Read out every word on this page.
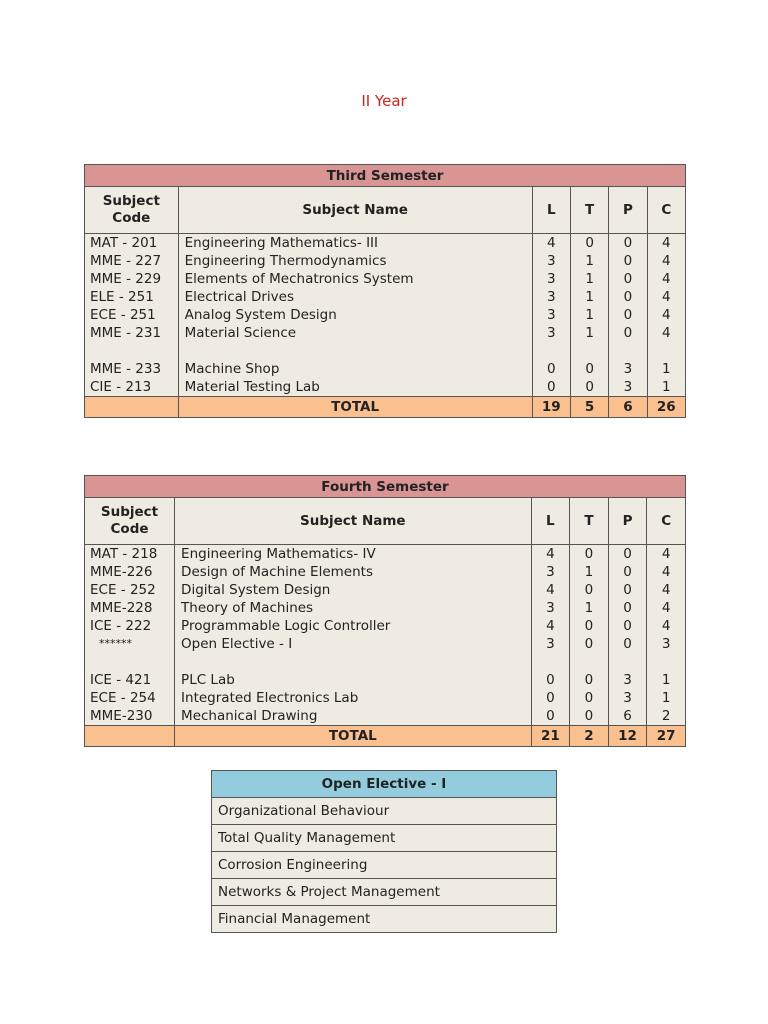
II Year
Third Semester					
Subject Code	Subject Name	L	T	P	C
MAT - 201	Engineering Mathematics- III	4	0	0	4
MME - 227	Engineering Thermodynamics	3	1	0	4
MME - 229	Elements of Mechatronics System	3	1	0	4
ELE - 251	Electrical Drives	3	1	0	4
ECE - 251	Analog System Design	3	1	0	4
MME - 231	Material Science	3	1	0	4

MME - 233	Machine Shop	0	0	3	1
CIE - 213	Material Testing Lab	0	0	3	1
	TOTAL	19	5	6	26
Fourth Semester					
Subject Code	Subject Name	L	T	P	C
MAT - 218	Engineering Mathematics- IV	4	0	0	4
MME-226	Design of Machine Elements	3	1	0	4
ECE - 252	Digital System Design	4	0	0	4
MME-228	Theory of Machines	3	1	0	4
ICE - 222	Programmable Logic Controller	4	0	0	4
******	Open Elective - I	3	0	0	3

ICE - 421	PLC Lab	0	0	3	1
ECE - 254	Integrated Electronics Lab	0	0	3	1
MME-230	Mechanical Drawing	0	0	6	2
	TOTAL	21	2	12	27
Open Elective - I
Organizational Behaviour
Total Quality Management
Corrosion Engineering
Networks & Project Management
Financial Management
